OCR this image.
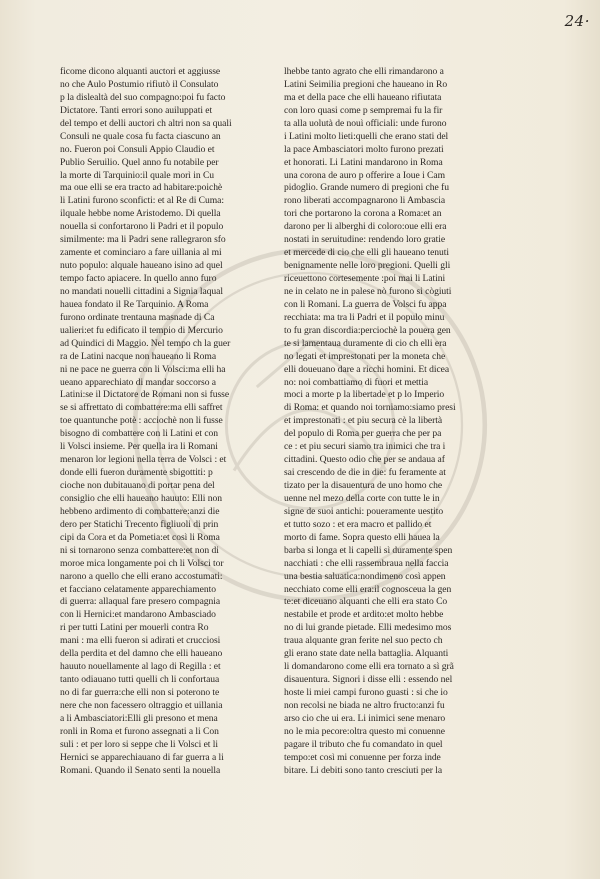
24·
ficome dicono alquanti auctori et aggiusse
no che Aulo Postumio rifiutò il Consulato
p la dislealtà del suo compagno:poi fu facto
Dictatore. Tanti errori sono auiluppati et
del tempo et delli auctori ch altri non sa quali
Consuli ne quale cosa fu facta ciascuno an
no. Fueron poi Consuli Appio Claudio et
Publio Seruilio. Quel anno fu notabile per
la morte di Tarquinio:il quale morì in Cu
ma oue elli se era tracto ad habitare:poichè
li Latini furono sconficti: et al Re di Cuma:
ilquale hebbe nome Aristodemo. Di quella
nouella si confortarono li Padri et il populo
similmente: ma li Padri sene rallegraron sfo
zamente et cominciaro a fare uillania al mi
nuto populo: alquale haueano isino ad quel
tempo facto apiacere. In quello anno furo
no mandati nouelli cittadini a Signia laqual
hauea fondato il Re Tarquinio. A Roma
furono ordinate trentauna masnade di Ca
ualieri:et fu edificato il tempio di Mercurio
ad Quindici di Maggio. Nel tempo ch la guer
ra de Latini nacque non haueano li Roma
ni ne pace ne guerra con li Volsci:ma elli ha
ueano apparechiato di mandar soccorso a
Latini:se il Dictatore de Romani non si fusse
se si affrettato di combattere:ma elli saffret
toe quantunche potè : acciochè non li fusse
bisogno di combattere con li Latini et con
li Volsci insieme. Per quella ira li Romani
menaron lor legioni nella terra de Volsci : et
donde elli fueron duramente sbigottiti: p
cioche non dubitauano di portar pena del
consiglio che elli haueano hauuto: Elli non
hebbeno ardimento di combattere:anzi die
dero per Statichi Trecento figliuoli di prin
cipi da Cora et da Pometia:et così li Roma
ni si tornarono senza combattere:et non di
moroe mica longamente poi ch li Volsci tor
narono a quello che elli erano accostumati:
et facciano celatamente apparechiamento
di guerra: allaqual fare presero compagnia
con li Hernici:et mandarono Ambasciado
ri per tutti Latini per mouerli contra Ro
mani : ma elli fueron si adirati et crucciosi
della perdita et del damno che elli haueano
hauuto nouellamente al lago di Regilla : et
tanto odiauano tutti quelli ch li confortaua
no di far guerra:che elli non si poterono te
nere che non facessero oltraggio et uillania
a li Ambasciatori:Elli gli presono et mena
ronli in Roma et furono assegnati a li Con
suli : et per loro si seppe che li Volsci et li
Hernici se apparechiauano di far guerra a li
Romani. Quando il Senato senti la nouella
lhebbe tanto agrato che elli rimandarono a
Latini Seimilia pregioni che haueano in Ro
ma et della pace che elli haueano rifiutata
con loro quasi come p sempremai fu la fir
ta alla uolutà de nouì officiali: unde furono
i Latini molto lieti:quelli che erano stati del
la pace Ambasciatori molto furono prezati
et honorati. Li Latini mandarono in Roma
una corona de auro p offerire a Ioue i Cam
pidoglio. Grande numero di pregioni che fu
rono liberati accompagnarono li Ambascia
tori che portarono la corona a Roma:et an
darono per li alberghi di coloro:oue elli era
nostati in seruitudine: rendendo loro gratie
et mercede di cio che elli gli haueano tenuti
benignamente nelle loro pregioni. Quelli gli
riceuettono cortesemente :poi mai li Latini
ne in celato ne in palese nò furono si cògiuti
con li Romani. La guerra de Volsci fu appa
recchiata: ma tra li Padri et il populo minu
to fu gran discordia:perciochè la pouera gen
te si lamentaua duramente di cio ch elli era
no legati et imprestonati per la moneta che
elli doueuano dare a ricchi homini. Et dicea
no: noi combattiamo di fuori et mettia
moci a morte p la libertade et p lo Imperio
di Roma: et quando noi torniamo:siamo presi
et imprestonati : et piu secura cè la libertà
del populo di Roma per guerra che per pa
ce : et piu securi siamo tra inimici che tra i
cittadini. Questo odio che per se andaua af
sai crescendo de die in die: fu feramente at
tizato per la disauentura de uno homo che
uenne nel mezo della corte con tutte le in
signe de suoi antichi: poueramente uestito
et tutto sozo : et era macro et pallido et
morto di fame. Sopra questo elli hauea la
barba si longa et li capelli sì duramente spen
nacchiati : che elli rassembraua nella faccia
una bestia saluatica:nondimeno così appen
necchiato come elli era:il cognosceua la gen
te:et diceuano alquanti che elli era stato Co
nestabile et prode et ardito:et molto hebbe
no di lui grande pietade. Elli medesimo mos
traua alquante gran ferite nel suo pecto ch
gli erano state date nella battaglia. Alquanti
li domandarono come elli era tornato a sì grã
disauentura. Signori i disse elli : essendo nel
hoste li miei campi furono guasti : si che io
non recolsi ne biada ne altro fructo:anzi fu
arso cio che ui era. Li inimici sene menaro
no le mia pecore:oltra questo mi conuenne
pagare il tributo che fu comandato in quel
tempo:et così mi conuenne per forza inde
bitare. Li debiti sono tanto cresciuti per la
